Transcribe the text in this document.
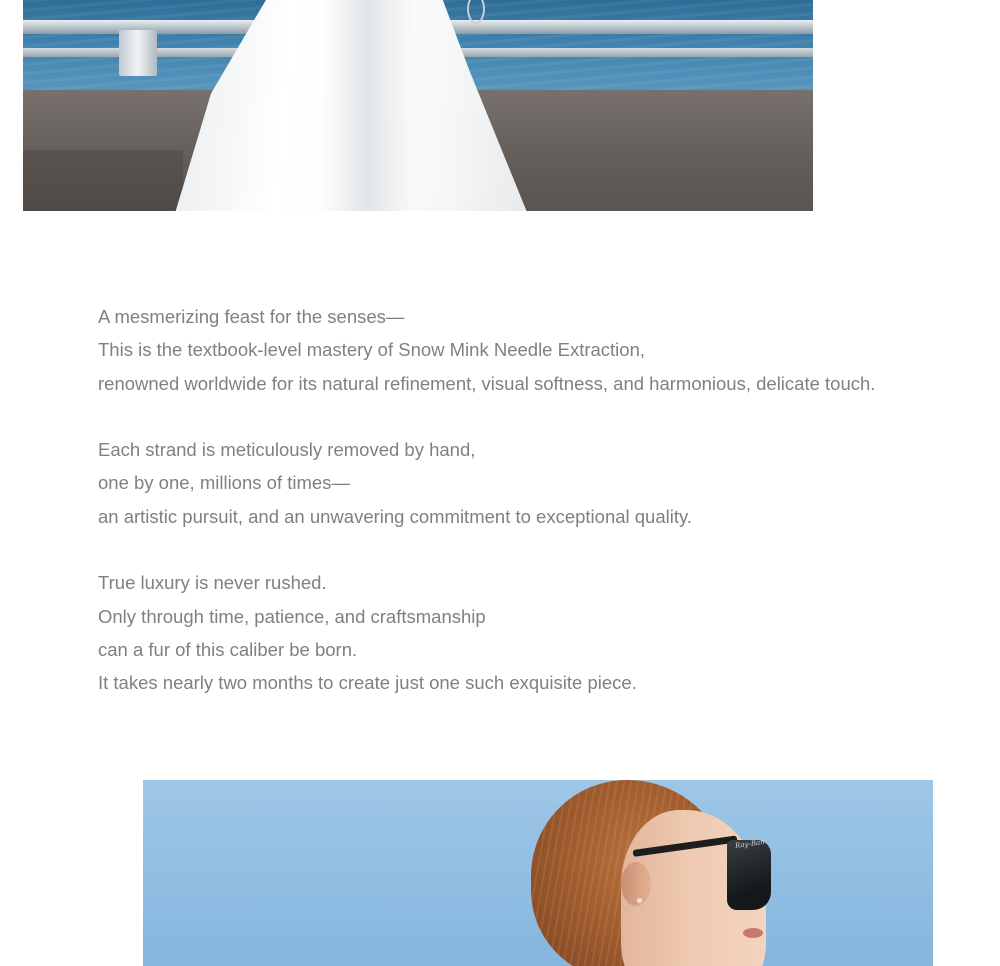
A mesmerizing feast for the senses—
This is the textbook-level mastery of Snow Mink Needle Extraction,
renowned worldwide for its natural refinement, visual softness, and harmonious, delicate touch.
Each strand is meticulously removed by hand,
one by one, millions of times—
an artistic pursuit, and an unwavering commitment to exceptional quality.
True luxury is never rushed.
Only through time, patience, and craftsmanship
can a fur of this caliber be born.
It takes nearly two months to create just one such exquisite piece.
Ray-Ban
